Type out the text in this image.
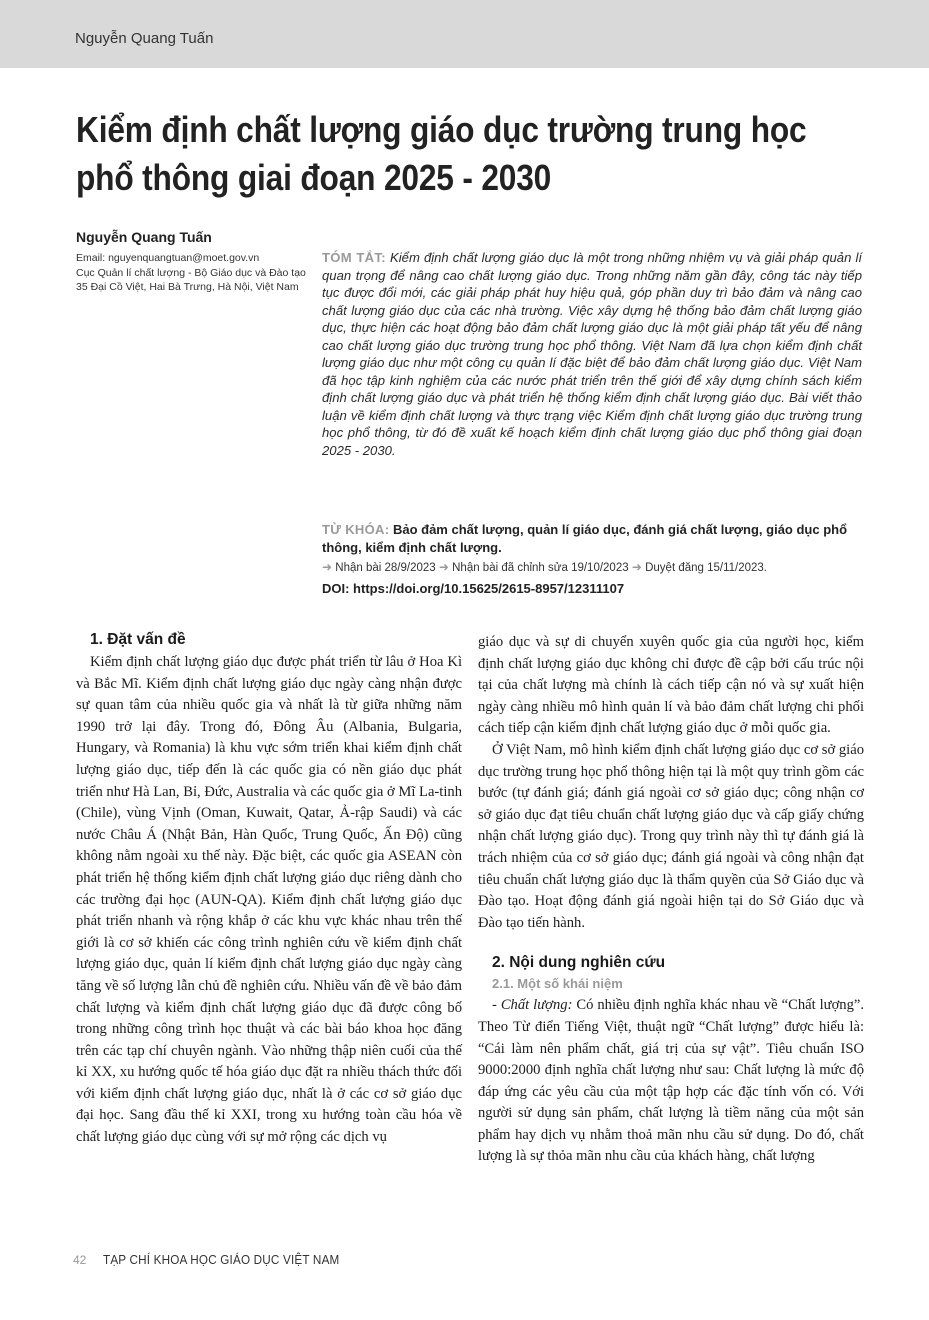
Nguyễn Quang Tuấn
Kiểm định chất lượng giáo dục trường trung học
phổ thông giai đoạn 2025 - 2030
Nguyễn Quang Tuấn
Email: nguyenquangtuan@moet.gov.vn
Cục Quản lí chất lượng - Bộ Giáo dục và Đào tạo
35 Đại Cồ Việt, Hai Bà Trưng, Hà Nội, Việt Nam
TÓM TẮT: Kiểm định chất lượng giáo dục là một trong những nhiệm vụ và giải pháp quản lí quan trọng để nâng cao chất lượng giáo dục. Trong những năm gần đây, công tác này tiếp tục được đổi mới, các giải pháp phát huy hiệu quả, góp phần duy trì bảo đảm và nâng cao chất lượng giáo dục của các nhà trường. Việc xây dựng hệ thống bảo đảm chất lượng giáo dục, thực hiện các hoạt động bảo đảm chất lượng giáo dục là một giải pháp tất yếu để nâng cao chất lượng giáo dục trường trung học phổ thông. Việt Nam đã lựa chọn kiểm định chất lượng giáo dục như một công cụ quản lí đặc biệt để bảo đảm chất lượng giáo dục. Việt Nam đã học tập kinh nghiệm của các nước phát triển trên thế giới để xây dựng chính sách kiểm định chất lượng giáo dục và phát triển hệ thống kiểm định chất lượng giáo dục. Bài viết thảo luận về kiểm định chất lượng và thực trạng việc Kiểm định chất lượng giáo dục trường trung học phổ thông, từ đó đề xuất kế hoạch kiểm định chất lượng giáo dục phổ thông giai đoạn 2025 - 2030.
TỪ KHÓA: Bảo đảm chất lượng, quản lí giáo dục, đánh giá chất lượng, giáo dục phổ thông, kiểm định chất lượng.
➜ Nhận bài 28/9/2023 ➜ Nhận bài đã chỉnh sửa 19/10/2023 ➜ Duyệt đăng 15/11/2023.
DOI: https://doi.org/10.15625/2615-8957/12311107
1. Đặt vấn đề

Kiểm định chất lượng giáo dục được phát triển từ lâu ở Hoa Kì và Bắc Mĩ. Kiểm định chất lượng giáo dục ngày càng nhận được sự quan tâm của nhiều quốc gia và nhất là từ giữa những năm 1990 trở lại đây. Trong đó, Đông Âu (Albania, Bulgaria, Hungary, và Romania) là khu vực sớm triển khai kiểm định chất lượng giáo dục, tiếp đến là các quốc gia có nền giáo dục phát triển như Hà Lan, Bỉ, Đức, Australia và các quốc gia ở Mĩ La-tinh (Chile), vùng Vịnh (Oman, Kuwait, Qatar, Ả-rập Saudi) và các nước Châu Á (Nhật Bản, Hàn Quốc, Trung Quốc, Ấn Độ) cũng không nằm ngoài xu thế này. Đặc biệt, các quốc gia ASEAN còn phát triển hệ thống kiểm định chất lượng giáo dục riêng dành cho các trường đại học (AUN-QA). Kiểm định chất lượng giáo dục phát triển nhanh và rộng khắp ở các khu vực khác nhau trên thế giới là cơ sở khiến các công trình nghiên cứu về kiểm định chất lượng giáo dục, quản lí kiểm định chất lượng giáo dục ngày càng tăng về số lượng lẫn chủ đề nghiên cứu. Nhiều vấn đề về bảo đảm chất lượng và kiểm định chất lượng giáo dục đã được công bố trong những công trình học thuật và các bài báo khoa học đăng trên các tạp chí chuyên ngành. Vào những thập niên cuối của thế kỉ XX, xu hướng quốc tế hóa giáo dục đặt ra nhiều thách thức đối với kiểm định chất lượng giáo dục, nhất là ở các cơ sở giáo dục đại học. Sang đầu thế kỉ XXI, trong xu hướng toàn cầu hóa về chất lượng giáo dục cùng với sự mở rộng các dịch vụ

giáo dục và sự di chuyển xuyên quốc gia của người học, kiểm định chất lượng giáo dục không chỉ được đề cập bởi cấu trúc nội tại của chất lượng mà chính là cách tiếp cận nó và sự xuất hiện ngày càng nhiều mô hình quản lí và bảo đảm chất lượng chi phối cách tiếp cận kiểm định chất lượng giáo dục ở mỗi quốc gia.

Ở Việt Nam, mô hình kiểm định chất lượng giáo dục cơ sở giáo dục trường trung học phổ thông hiện tại là một quy trình gồm các bước (tự đánh giá; đánh giá ngoài cơ sở giáo dục; công nhận cơ sở giáo dục đạt tiêu chuẩn chất lượng giáo dục và cấp giấy chứng nhận chất lượng giáo dục). Trong quy trình này thì tự đánh giá là trách nhiệm của cơ sở giáo dục; đánh giá ngoài và công nhận đạt tiêu chuẩn chất lượng giáo dục là thẩm quyền của Sở Giáo dục và Đào tạo. Hoạt động đánh giá ngoài hiện tại do Sở Giáo dục và Đào tạo tiến hành.

2. Nội dung nghiên cứu
2.1. Một số khái niệm

- Chất lượng: Có nhiều định nghĩa khác nhau về “Chất lượng”. Theo Từ điển Tiếng Việt, thuật ngữ “Chất lượng” được hiểu là: “Cái làm nên phẩm chất, giá trị của sự vật”. Tiêu chuẩn ISO 9000:2000 định nghĩa chất lượng như sau: Chất lượng là mức độ đáp ứng các yêu cầu của một tập hợp các đặc tính vốn có. Với người sử dụng sản phẩm, chất lượng là tiềm năng của một sản phẩm hay dịch vụ nhằm thoả mãn nhu cầu sử dụng. Do đó, chất lượng là sự thỏa mãn nhu cầu của khách hàng, chất lượng

42 TẠP CHÍ KHOA HỌC GIÁO DỤC VIỆT NAM
